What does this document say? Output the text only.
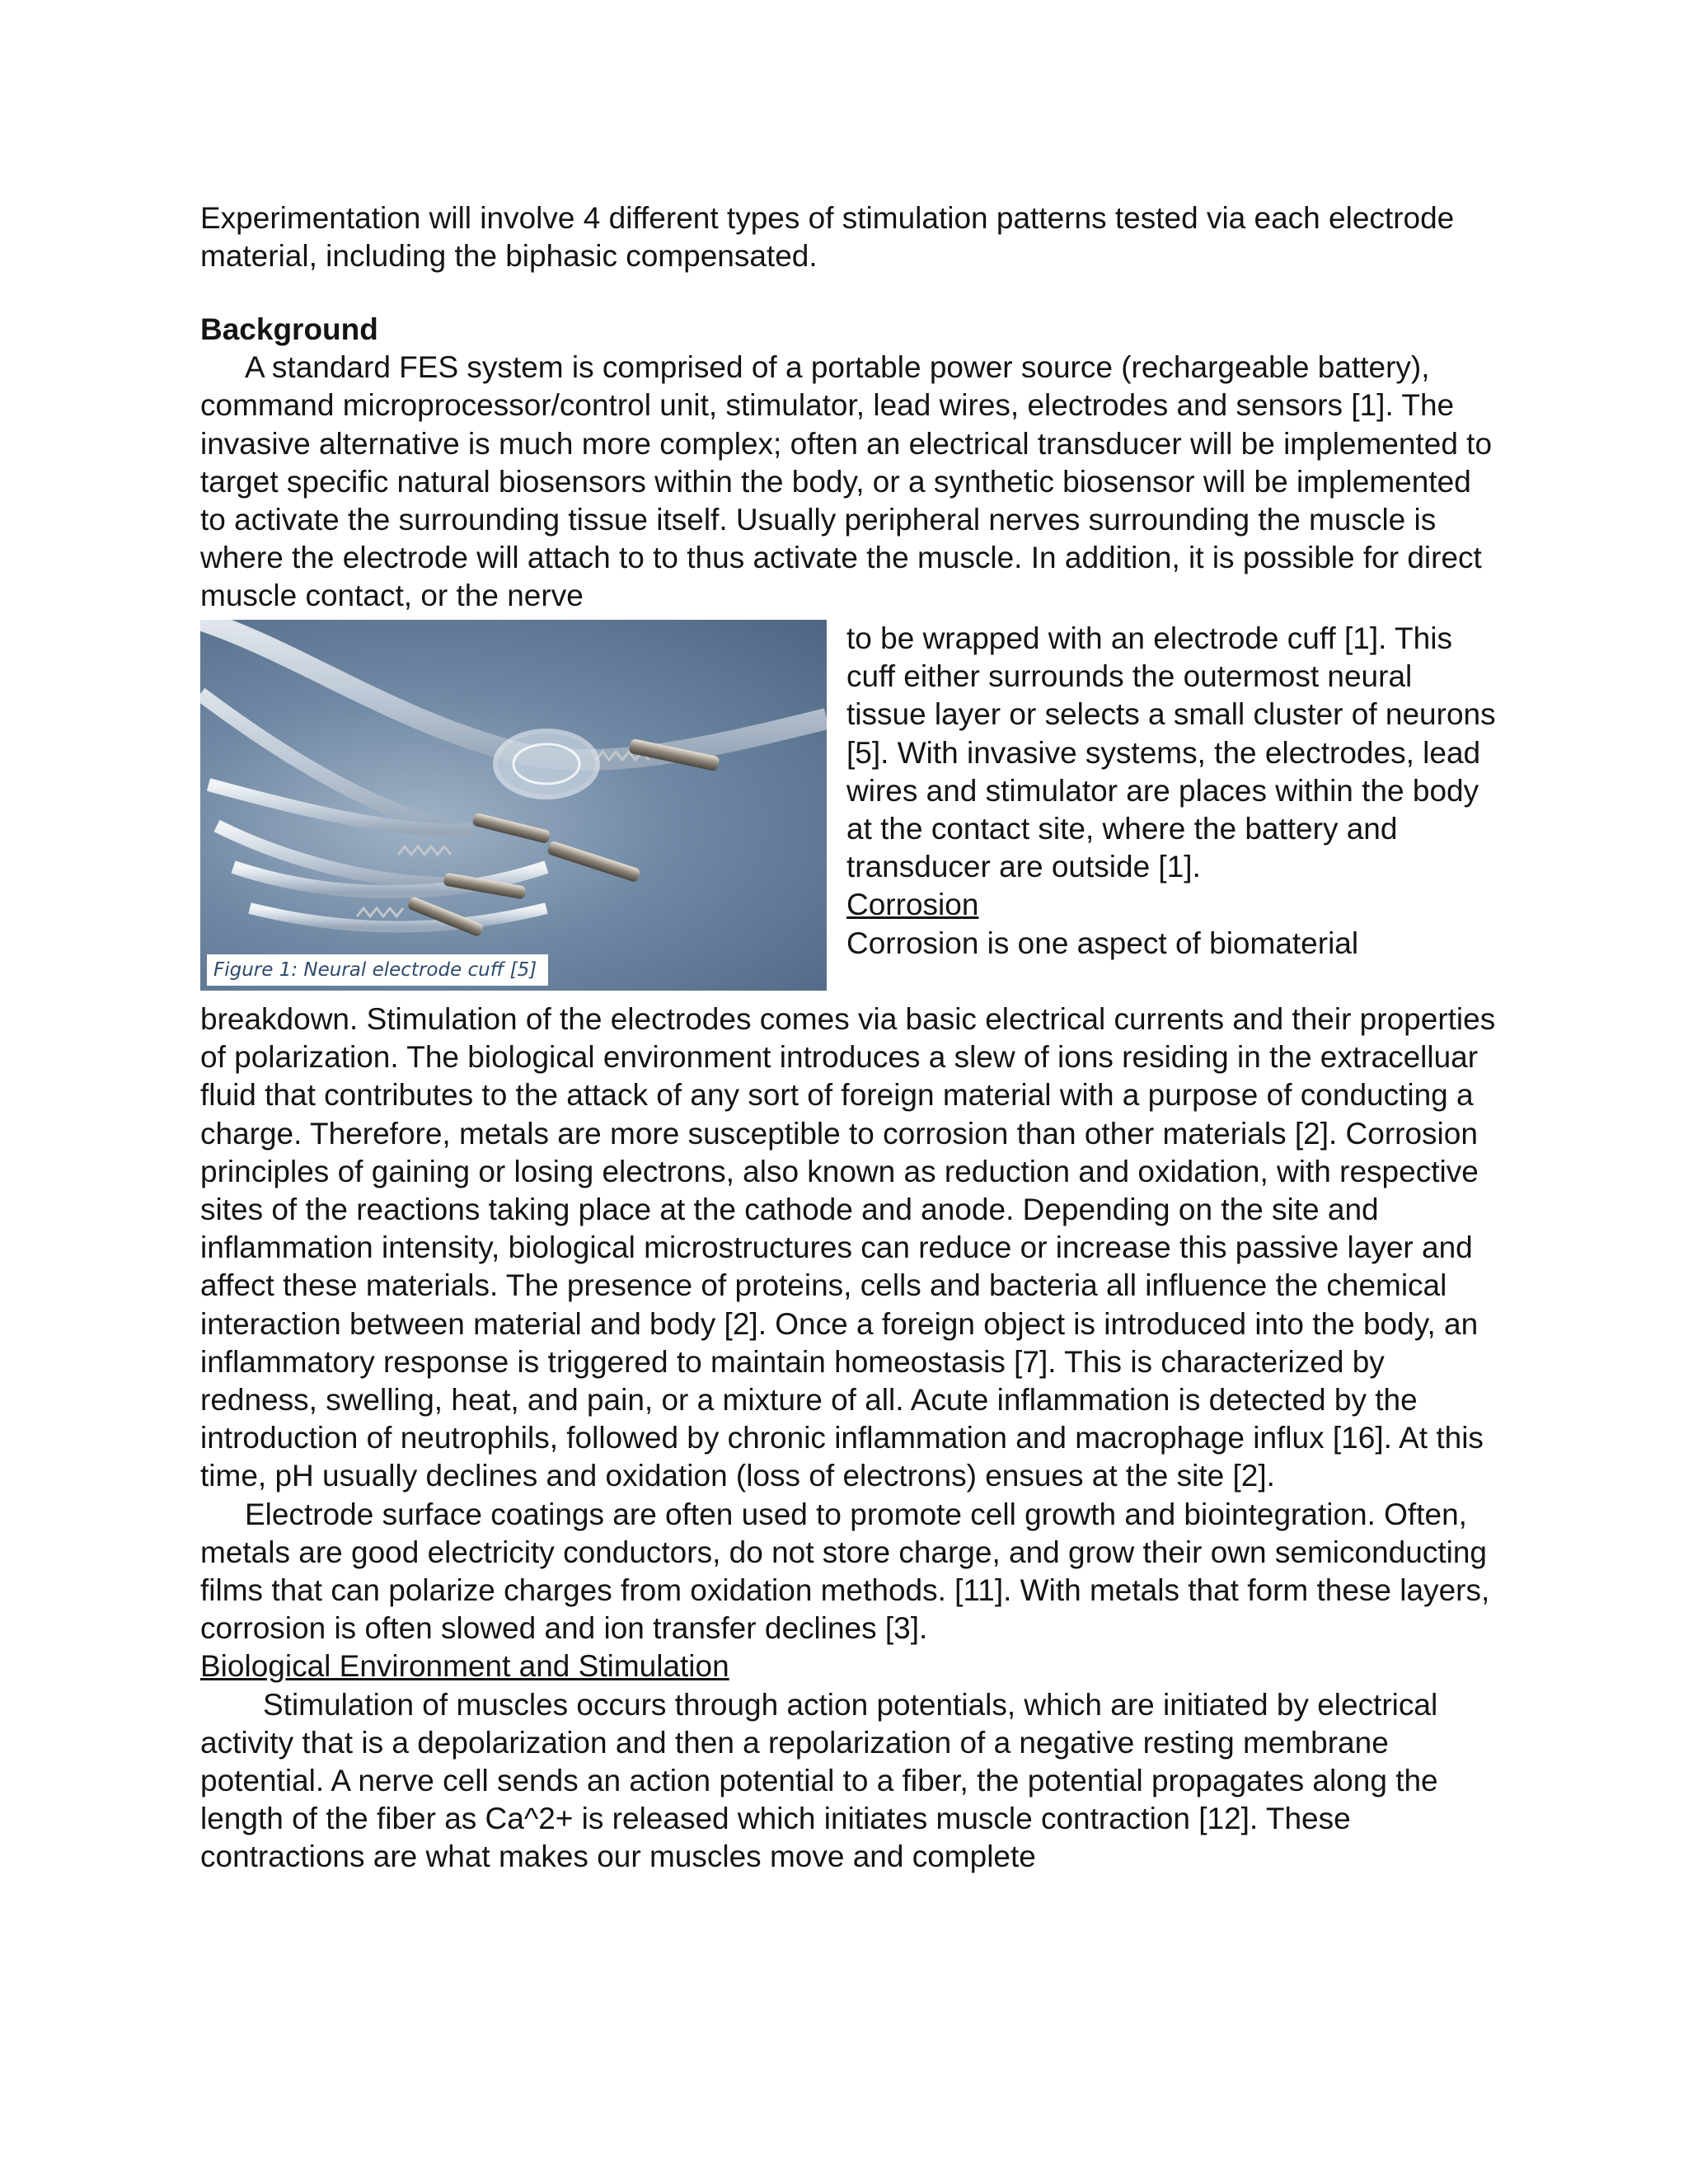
Experimentation will involve 4 different types of stimulation patterns tested via each electrode material, including the biphasic compensated.

Background

A standard FES system is comprised of a portable power source (rechargeable battery), command microprocessor/control unit, stimulator, lead wires, electrodes and sensors [1]. The invasive alternative is much more complex; often an electrical transducer will be implemented to target specific natural biosensors within the body, or a synthetic biosensor will be implemented to activate the surrounding tissue itself. Usually peripheral nerves surrounding the muscle is where the electrode will attach to to thus activate the muscle. In addition, it is possible for direct muscle contact, or the nerve

Figure 1: Neural electrode cuff [5]

to be wrapped with an electrode cuff [1]. This cuff either surrounds the outermost neural tissue layer or selects a small cluster of neurons [5]. With invasive systems, the electrodes, lead wires and stimulator are places within the body at the contact site, where the battery and transducer are outside [1].

Corrosion

Corrosion is one aspect of biomaterial

breakdown. Stimulation of the electrodes comes via basic electrical currents and their properties of polarization. The biological environment introduces a slew of ions residing in the extracelluar fluid that contributes to the attack of any sort of foreign material with a purpose of conducting a charge. Therefore, metals are more susceptible to corrosion than other materials [2]. Corrosion principles of gaining or losing electrons, also known as reduction and oxidation, with respective sites of the reactions taking place at the cathode and anode. Depending on the site and inflammation intensity, biological microstructures can reduce or increase this passive layer and affect these materials. The presence of proteins, cells and bacteria all influence the chemical interaction between material and body [2]. Once a foreign object is introduced into the body, an inflammatory response is triggered to maintain homeostasis [7]. This is characterized by redness, swelling, heat, and pain, or a mixture of all. Acute inflammation is detected by the introduction of neutrophils, followed by chronic inflammation and macrophage influx [16]. At this time, pH usually declines and oxidation (loss of electrons) ensues at the site [2].

Electrode surface coatings are often used to promote cell growth and biointegration. Often, metals are good electricity conductors, do not store charge, and grow their own semiconducting films that can polarize charges from oxidation methods. [11]. With metals that form these layers, corrosion is often slowed and ion transfer declines [3].

Biological Environment and Stimulation

Stimulation of muscles occurs through action potentials, which are initiated by electrical activity that is a depolarization and then a repolarization of a negative resting membrane potential. A nerve cell sends an action potential to a fiber, the potential propagates along the length of the fiber as Ca^2+ is released which initiates muscle contraction [12]. These contractions are what makes our muscles move and complete
